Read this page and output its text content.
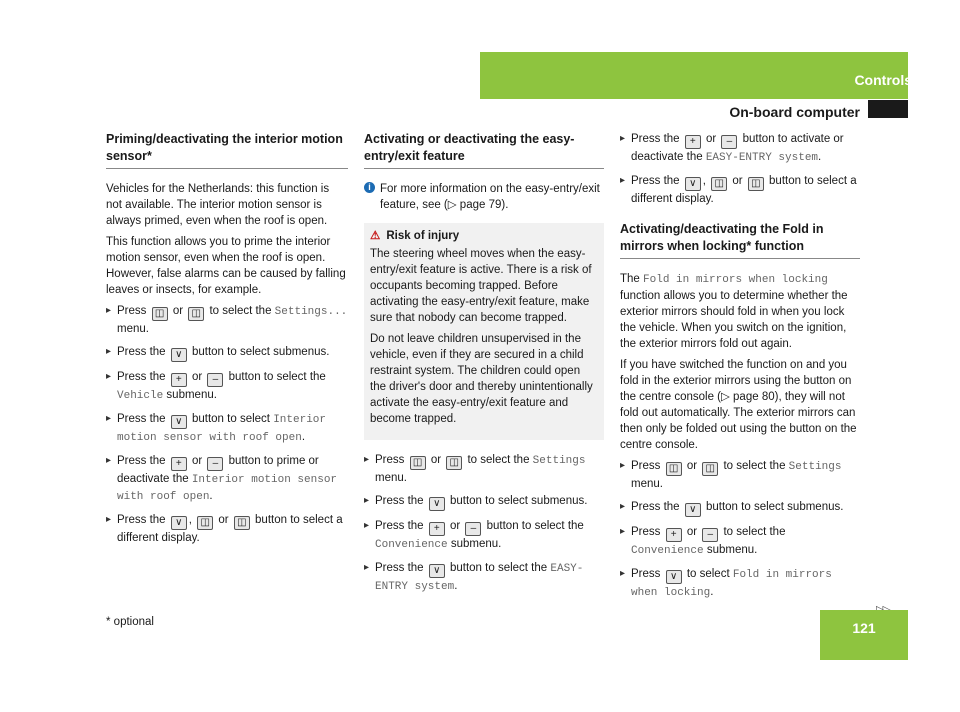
Controls
On-board computer
Priming/deactivating the interior motion sensor*

Vehicles for the Netherlands: this function is not available. The interior motion sensor is always primed, even when the roof is open.

This function allows you to prime the interior motion sensor, even when the roof is open. However, false alarms can be caused by falling leaves or insects, for example.

▸ Press ◫ or ◫ to select the Settings... menu.
▸ Press the ∨ button to select submenus.
▸ Press the + or – button to select the Vehicle submenu.
▸ Press the ∨ button to select Interior motion sensor with roof open.
▸ Press the + or – button to prime or deactivate the Interior motion sensor with roof open.
▸ Press the ∨ , ◫ or ◫ button to select a different display.
Activating or deactivating the easy-entry/exit feature
i For more information on the easy-entry/exit feature, see (▷ page 79).
⚠ Risk of injury

The steering wheel moves when the easy-entry/exit feature is active. There is a risk of occupants becoming trapped. Before activating the easy-entry/exit feature, make sure that nobody can become trapped.

Do not leave children unsupervised in the vehicle, even if they are secured in a child restraint system. The children could open the driver's door and thereby unintentionally activate the easy-entry/exit feature and become trapped.

▸ Press ◫ or ◫ to select the Settings menu.
▸ Press the ∨ button to select submenus.
▸ Press the + or – button to select the Convenience submenu.
▸ Press the ∨ button to select the EASY-ENTRY system.
▸ Press the + or – button to activate or deactivate the EASY-ENTRY system.
▸ Press the ∨ , ◫ or ◫ button to select a different display.
Activating/deactivating the Fold in mirrors when locking* function

The Fold in mirrors when locking function allows you to determine whether the exterior mirrors should fold in when you lock the vehicle. When you switch on the ignition, the exterior mirrors fold out again.

If you have switched the function on and you fold in the exterior mirrors using the button on the centre console (▷ page 80), they will not fold out automatically. The exterior mirrors can then only be folded out using the button on the centre console.

▸ Press ◫ or ◫ to select the Settings menu.
▸ Press the ∨ button to select submenus.
▸ Press + or – to select the Convenience submenu.
▸ Press ∨ to select Fold in mirrors when locking.
* optional	121
